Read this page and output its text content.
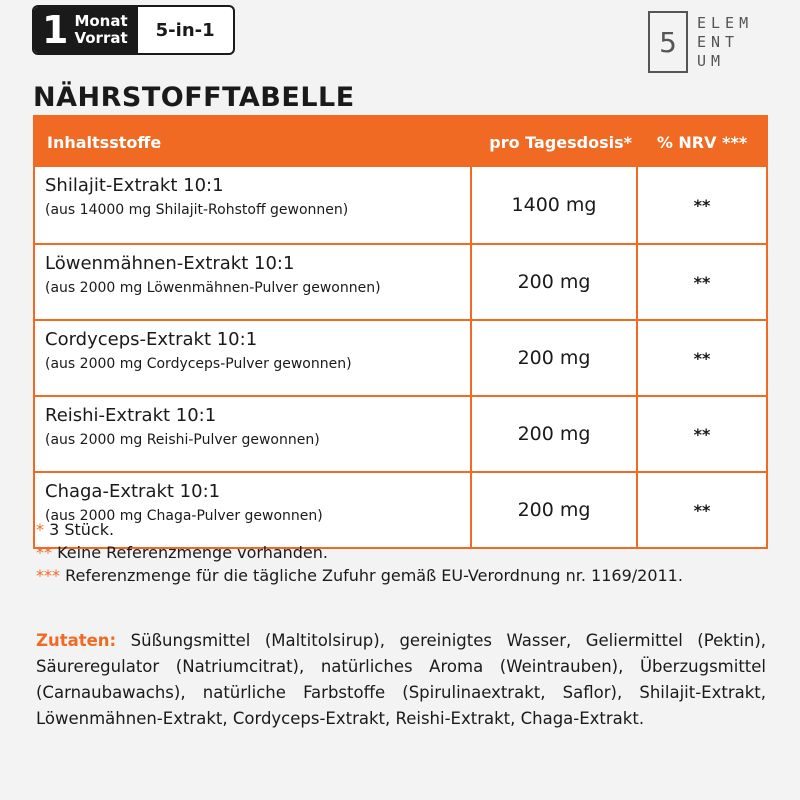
1 Monat
Vorrat	5-in-1	5
ELEM
ENT
UM
NÄHRSTOFFTABELLE
Inhaltsstoffe	pro Tagesdosis*	% NRV ***
Shilajit-Extrakt 10:1
(aus 14000 mg Shilajit-Rohstoff gewonnen)	1400 mg	**
Löwenmähnen-Extrakt 10:1
(aus 2000 mg Löwenmähnen-Pulver gewonnen)	200 mg	**
Cordyceps-Extrakt 10:1
(aus 2000 mg Cordyceps-Pulver gewonnen)	200 mg	**
Reishi-Extrakt 10:1
(aus 2000 mg Reishi-Pulver gewonnen)	200 mg	**
Chaga-Extrakt 10:1
(aus 2000 mg Chaga-Pulver gewonnen)	200 mg	**
* 3 Stück.
** Keine Referenzmenge vorhanden.
*** Referenzmenge für die tägliche Zufuhr gemäß EU-Verordnung nr. 1169/2011.
Zutaten: Süßungsmittel (Maltitolsirup), gereinigtes Wasser, Geliermittel (Pektin), Säureregulator (Natriumcitrat), natürliches Aroma (Weintrauben), Überzugsmittel (Carnaubawachs), natürliche Farbstoffe (Spirulinaextrakt, Saflor), Shilajit-Extrakt, Löwenmähnen-Extrakt, Cordyceps-Extrakt, Reishi-Extrakt, Chaga-Extrakt.
